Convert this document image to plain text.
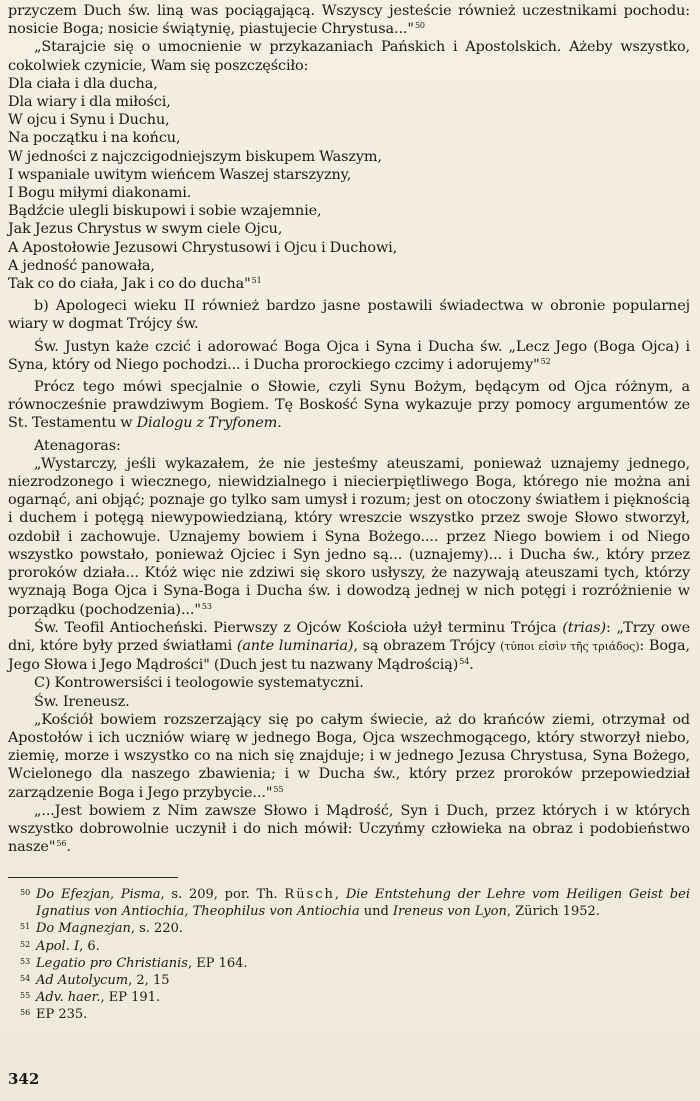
przyczem Duch św. liną was pociągającą. Wszyscy jesteście również uczestnikami pochodu: nosicie Boga; nosicie świątynię, piastujecie Chrystusa..."$^{50}$

„Starajcie się o umocnienie w przykazaniach Pańskich i Apostolskich. Ażeby wszystko, cokolwiek czynicie, Wam się poszczęściło:

Dla ciała i dla ducha,
Dla wiary i dla miłości,
W ojcu i Synu i Duchu,
Na początku i na końcu,
W jedności z najczcigodniejszym biskupem Waszym,
I wspaniale uwitym wieńcem Waszej starszyzny,
I Bogu miłymi diakonami.
Bądźcie ulegli biskupowi i sobie wzajemnie,
Jak Jezus Chrystus w swym ciele Ojcu,
A Apostołowie Jezusowi Chrystusowi i Ojcu i Duchowi,
A jedność panowała,
Tak co do ciała, Jak i co do ducha"$^{51}$

b) Apologeci wieku II również bardzo jasne postawili świadectwa w obronie popularnej wiary w dogmat Trójcy św.

Św. Justyn każe czcić i adorować Boga Ojca i Syna i Ducha św. „Lecz Jego (Boga Ojca) i Syna, który od Niego pochodzi... i Ducha prorockiego czcimy i adorujemy"$^{52}$

Prócz tego mówi specjalnie o Słowie, czyli Synu Bożym, będącym od Ojca różnym, a równocześnie prawdziwym Bogiem. Tę Boskość Syna wykazuje przy pomocy argumentów ze St. Testamentu w Dialogu z Tryfonem.

Atenagoras:

„Wystarczy, jeśli wykazałem, że nie jesteśmy ateuszami, ponieważ uznajemy jednego, niezrodzonego i wiecznego, niewidzialnego i niecierpiętliwego Boga, którego nie można ani ogarnąć, ani objąć; poznaje go tylko sam umysł i rozum; jest on otoczony światłem i pięknością i duchem i potęgą niewypowiedzianą, który wreszcie wszystko przez swoje Słowo stworzył, ozdobił i zachowuje. Uznajemy bowiem i Syna Bożego.... przez Niego bowiem i od Niego wszystko powstało, ponieważ Ojciec i Syn jedno są... (uznajemy)... i Ducha św., który przez proroków działa... Któż więc nie zdziwi się skoro usłyszy, że nazywają ateuszami tych, którzy wyznają Boga Ojca i Syna-Boga i Ducha św. i dowodzą jednej w nich potęgi i rozróżnienie w porządku (pochodzenia)..."$^{53}$

Św. Teofil Antiocheński. Pierwszy z Ojców Kościoła użył terminu Trójca (trias): „Trzy owe dni, które były przed światłami (ante luminaria), są obrazem Trójcy (τύποι εἰσὶν τῆς τριάδος): Boga, Jego Słowa i Jego Mądrości" (Duch jest tu nazwany Mądrością)$^{54}$.

C) Kontrowersiści i teologowie systematyczni.

Św. Ireneusz.

„Kościół bowiem rozszerzający się po całym świecie, aż do krańców ziemi, otrzymał od Apostołów i ich uczniów wiarę w jednego Boga, Ojca wszechmogącego, który stworzył niebo, ziemię, morze i wszystko co na nich się znajduje; i w jednego Jezusa Chrystusa, Syna Bożego, Wcielonego dla naszego zbawienia; i w Ducha św., który przez proroków przepowiedział zarządzenie Boga i Jego przybycie..."$^{55}$

„...Jest bowiem z Nim zawsze Słowo i Mądrość, Syn i Duch, przez których i w których wszystko dobrowolnie uczynił i do nich mówił: Uczyńmy człowieka na obraz i podobieństwo nasze"$^{56}$.

50 Do Efezjan, Pisma, s. 209, por. Th. Rüsch, Die Entstehung der Lehre vom Heiligen Geist bei Ignatius von Antiochia, Theophilus von Antiochia und Ireneus von Lyon, Zürich 1952.
51 Do Magnezjan, s. 220.
52 Apol. I, 6.
53 Legatio pro Christianis, EP 164.
54 Ad Autolycum, 2, 15
55 Adv. haer., EP 191.
56 EP 235.
342
